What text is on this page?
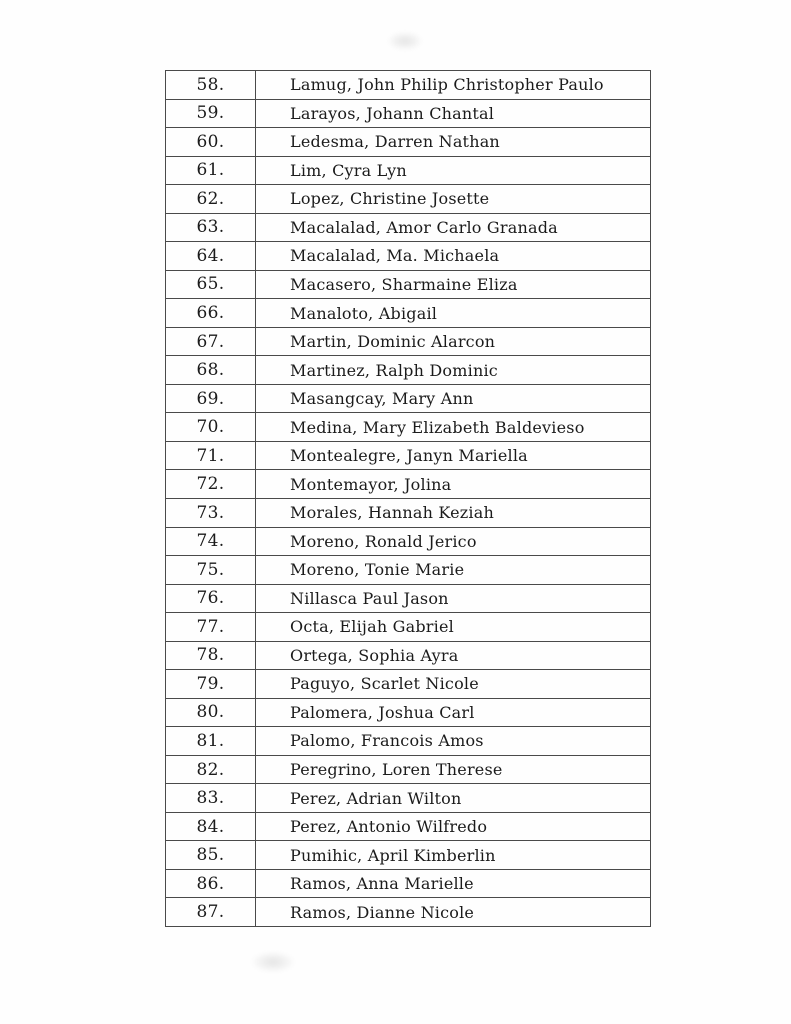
58.	Lamug, John Philip Christopher Paulo
59.	Larayos, Johann Chantal
60.	Ledesma, Darren Nathan
61.	Lim, Cyra Lyn
62.	Lopez, Christine Josette
63.	Macalalad, Amor Carlo Granada
64.	Macalalad, Ma. Michaela
65.	Macasero, Sharmaine Eliza
66.	Manaloto, Abigail
67.	Martin, Dominic Alarcon
68.	Martinez, Ralph Dominic
69.	Masangcay, Mary Ann
70.	Medina, Mary Elizabeth Baldevieso
71.	Montealegre, Janyn Mariella
72.	Montemayor, Jolina
73.	Morales, Hannah Keziah
74.	Moreno, Ronald Jerico
75.	Moreno, Tonie Marie
76.	Nillasca Paul Jason
77.	Octa, Elijah Gabriel
78.	Ortega, Sophia Ayra
79.	Paguyo, Scarlet Nicole
80.	Palomera, Joshua Carl
81.	Palomo, Francois Amos
82.	Peregrino, Loren Therese
83.	Perez, Adrian Wilton
84.	Perez, Antonio Wilfredo
85.	Pumihic, April Kimberlin
86.	Ramos, Anna Marielle
87.	Ramos, Dianne Nicole
